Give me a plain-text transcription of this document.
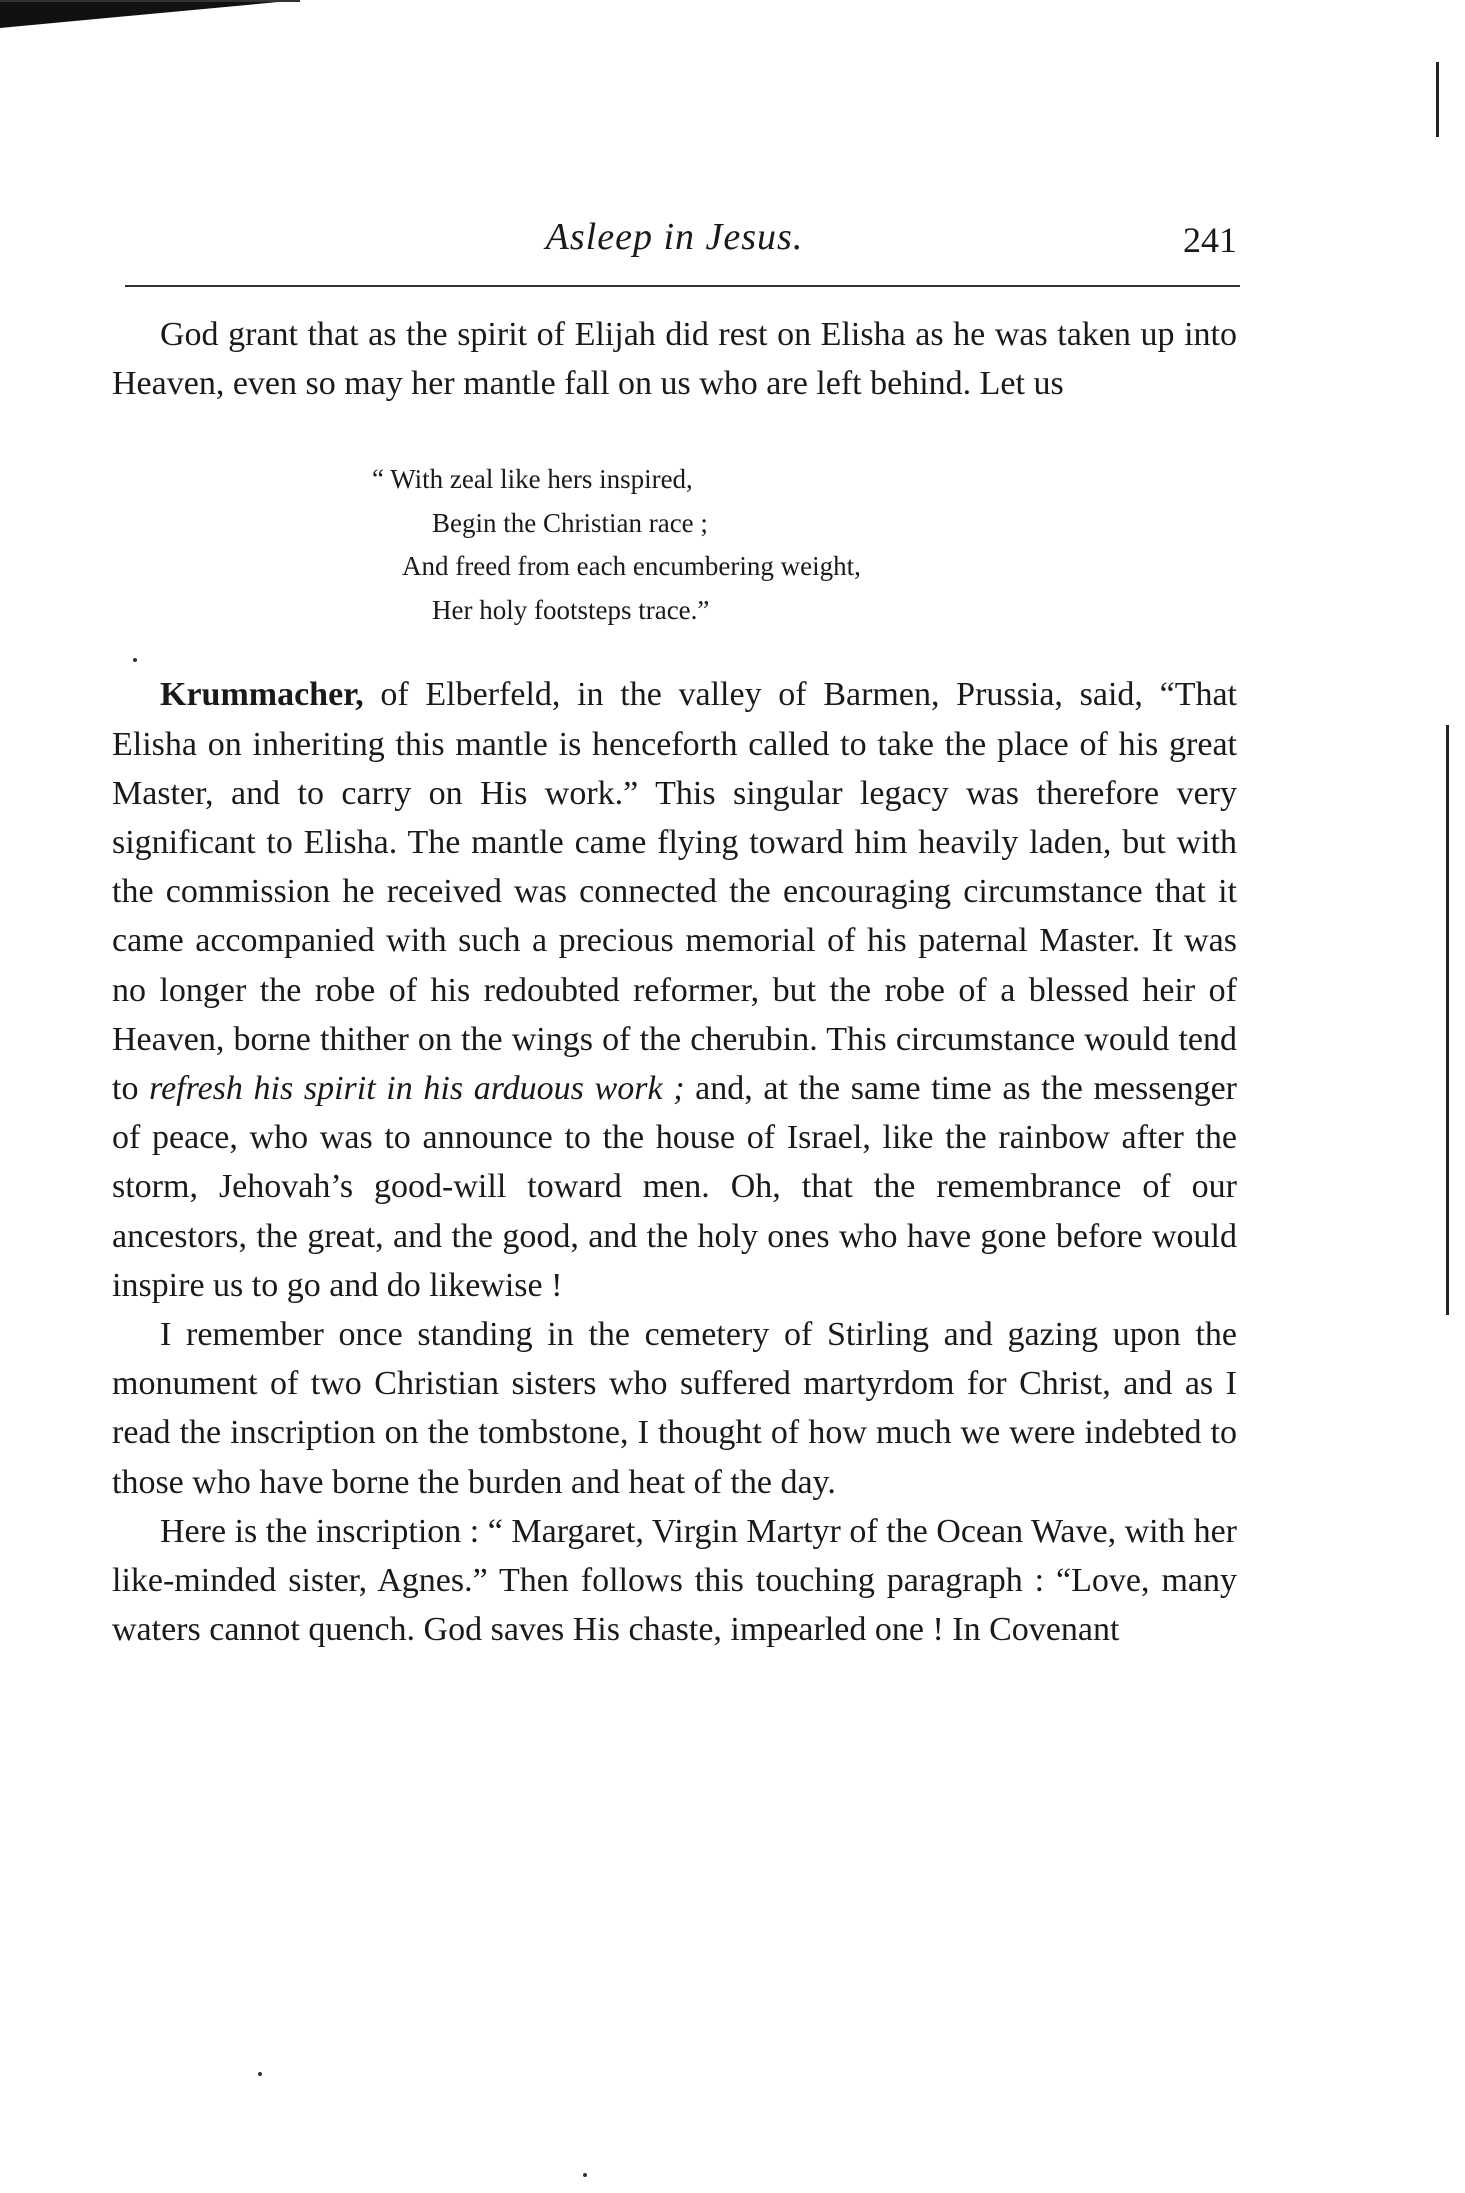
Asleep in Jesus.	241

God grant that as the spirit of Elijah did rest on Elisha as he was taken up into Heaven, even so may her mantle fall on us who are left behind. Let us

“ With zeal like hers inspired,
Begin the Christian race ;
And freed from each encumbering weight,
Her holy footsteps trace.”

Krummacher, of Elberfeld, in the valley of Barmen, Prussia, said, “That Elisha on inheriting this mantle is henceforth called to take the place of his great Master, and to carry on His work.” This singular legacy was therefore very significant to Elisha. The mantle came flying toward him heavily laden, but with the commission he received was connected the encouraging circumstance that it came accompanied with such a precious memorial of his paternal Master. It was no longer the robe of his redoubted reformer, but the robe of a blessed heir of Heaven, borne thither on the wings of the cherubin. This circumstance would tend to refresh his spirit in his arduous work ; and, at the same time as the messenger of peace, who was to announce to the house of Israel, like the rainbow after the storm, Jehovah’s good-will toward men. Oh, that the remembrance of our ancestors, the great, and the good, and the holy ones who have gone before would inspire us to go and do likewise !

I remember once standing in the cemetery of Stirling and gazing upon the monument of two Christian sisters who suffered martyrdom for Christ, and as I read the inscription on the tombstone, I thought of how much we were indebted to those who have borne the burden and heat of the day.

Here is the inscription : “ Margaret, Virgin Martyr of the Ocean Wave, with her like-minded sister, Agnes.” Then follows this touching paragraph : “Love, many waters cannot quench. God saves His chaste, impearled one ! In Covenant
